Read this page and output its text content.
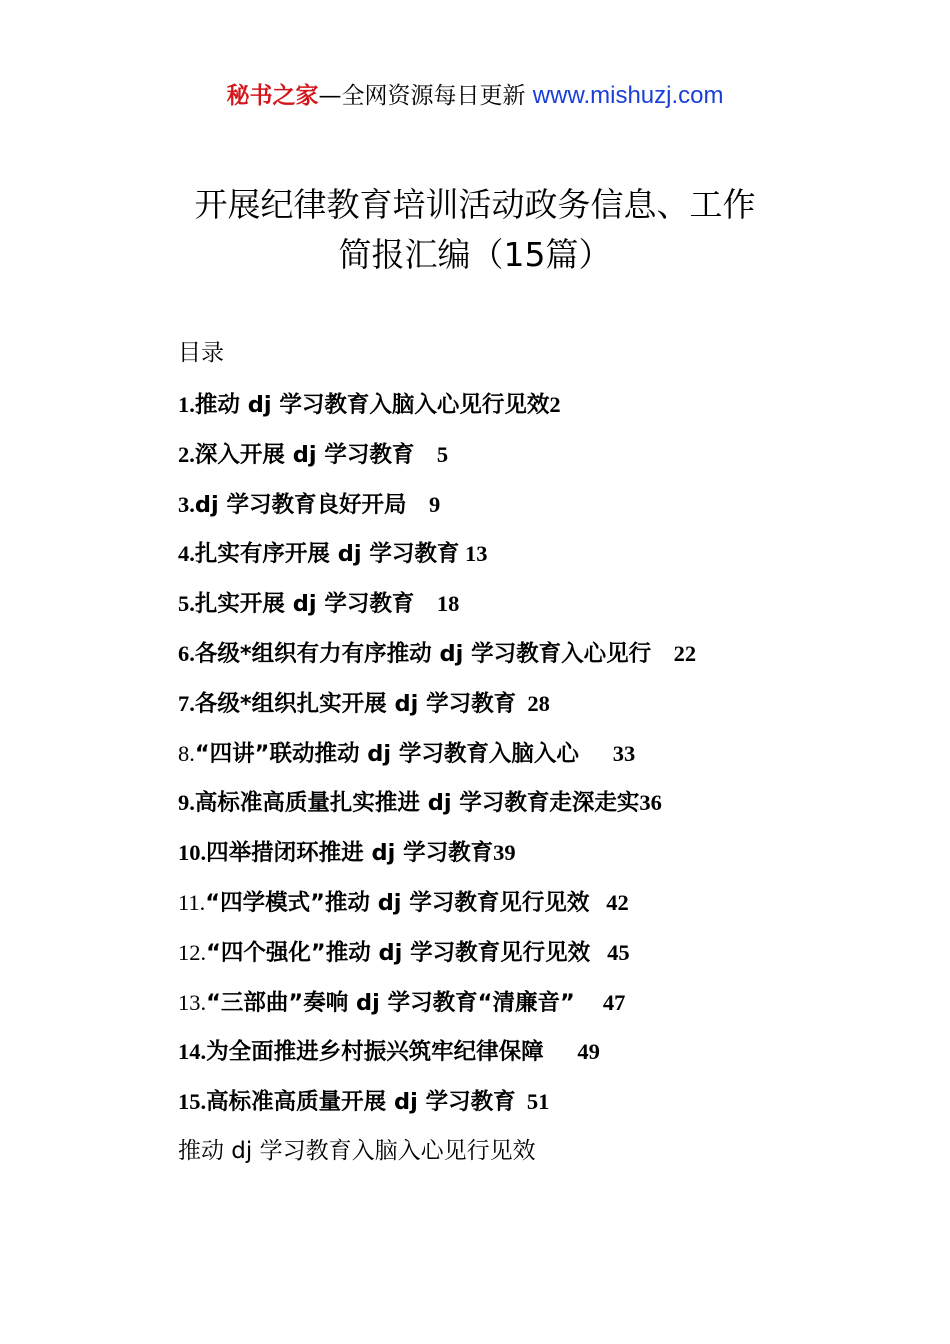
秘书之家—全网资源每日更新 www.mishuzj.com
开展纪律教育培训活动政务信息、工作
简报汇编（15篇）
目录
1.推动 dj 学习教育入脑入心见行见效2
2.深入开展 dj 学习教育 5
3.dj 学习教育良好开局 9
4.扎实有序开展 dj 学习教育 13
5.扎实开展 dj 学习教育 18
6.各级*组织有力有序推动 dj 学习教育入心见行 22
7.各级*组织扎实开展 dj 学习教育 28
8.“四讲”联动推动 dj 学习教育入脑入心 33
9.高标准高质量扎实推进 dj 学习教育走深走实36
10.四举措闭环推进 dj 学习教育39
11.“四学模式”推动 dj 学习教育见行见效 42
12.“四个强化”推动 dj 学习教育见行见效 45
13.“三部曲”奏响 dj 学习教育“清廉音” 47
14.为全面推进乡村振兴筑牢纪律保障 49
15.高标准高质量开展 dj 学习教育 51
推动 dj 学习教育入脑入心见行见效
